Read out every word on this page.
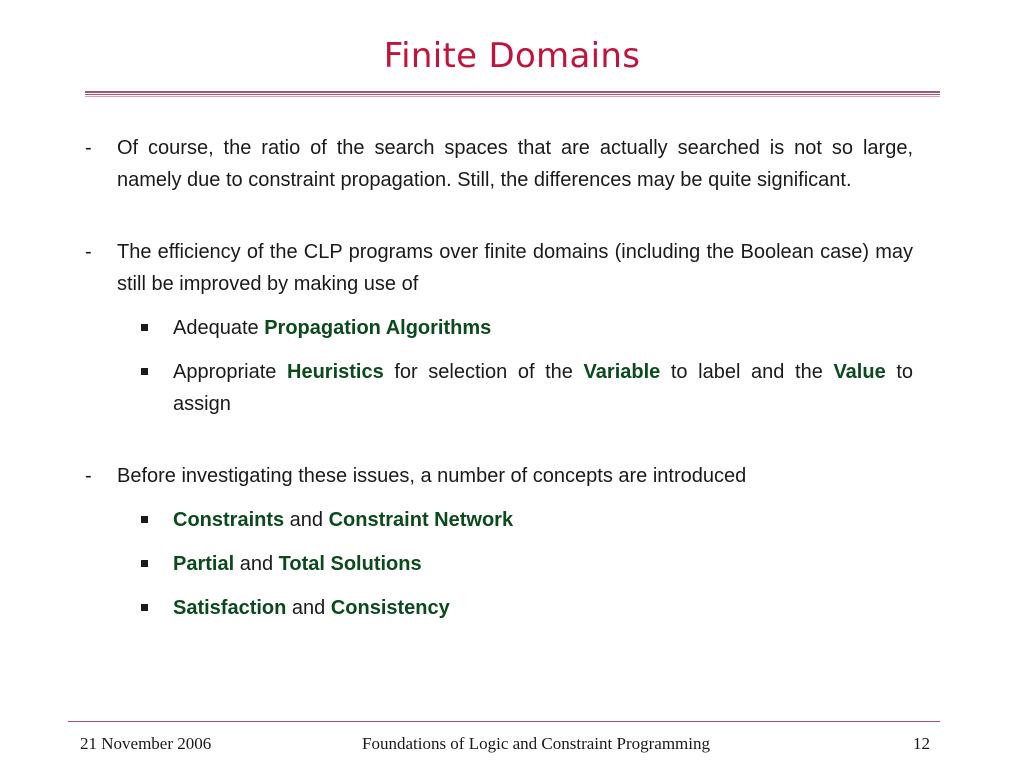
Finite Domains
- Of course, the ratio of the search spaces that are actually searched is not so large, namely due to constraint propagation. Still, the differences may be quite significant.
- The efficiency of the CLP programs over finite domains (including the Boolean case) may still be improved by making use of
Adequate Propagation Algorithms
Appropriate Heuristics for selection of the Variable to label and the Value to assign
- Before investigating these issues, a number of concepts are introduced
Constraints and Constraint Network
Partial and Total Solutions
Satisfaction and Consistency
21 November 2006	Foundations of Logic and Constraint Programming	12
